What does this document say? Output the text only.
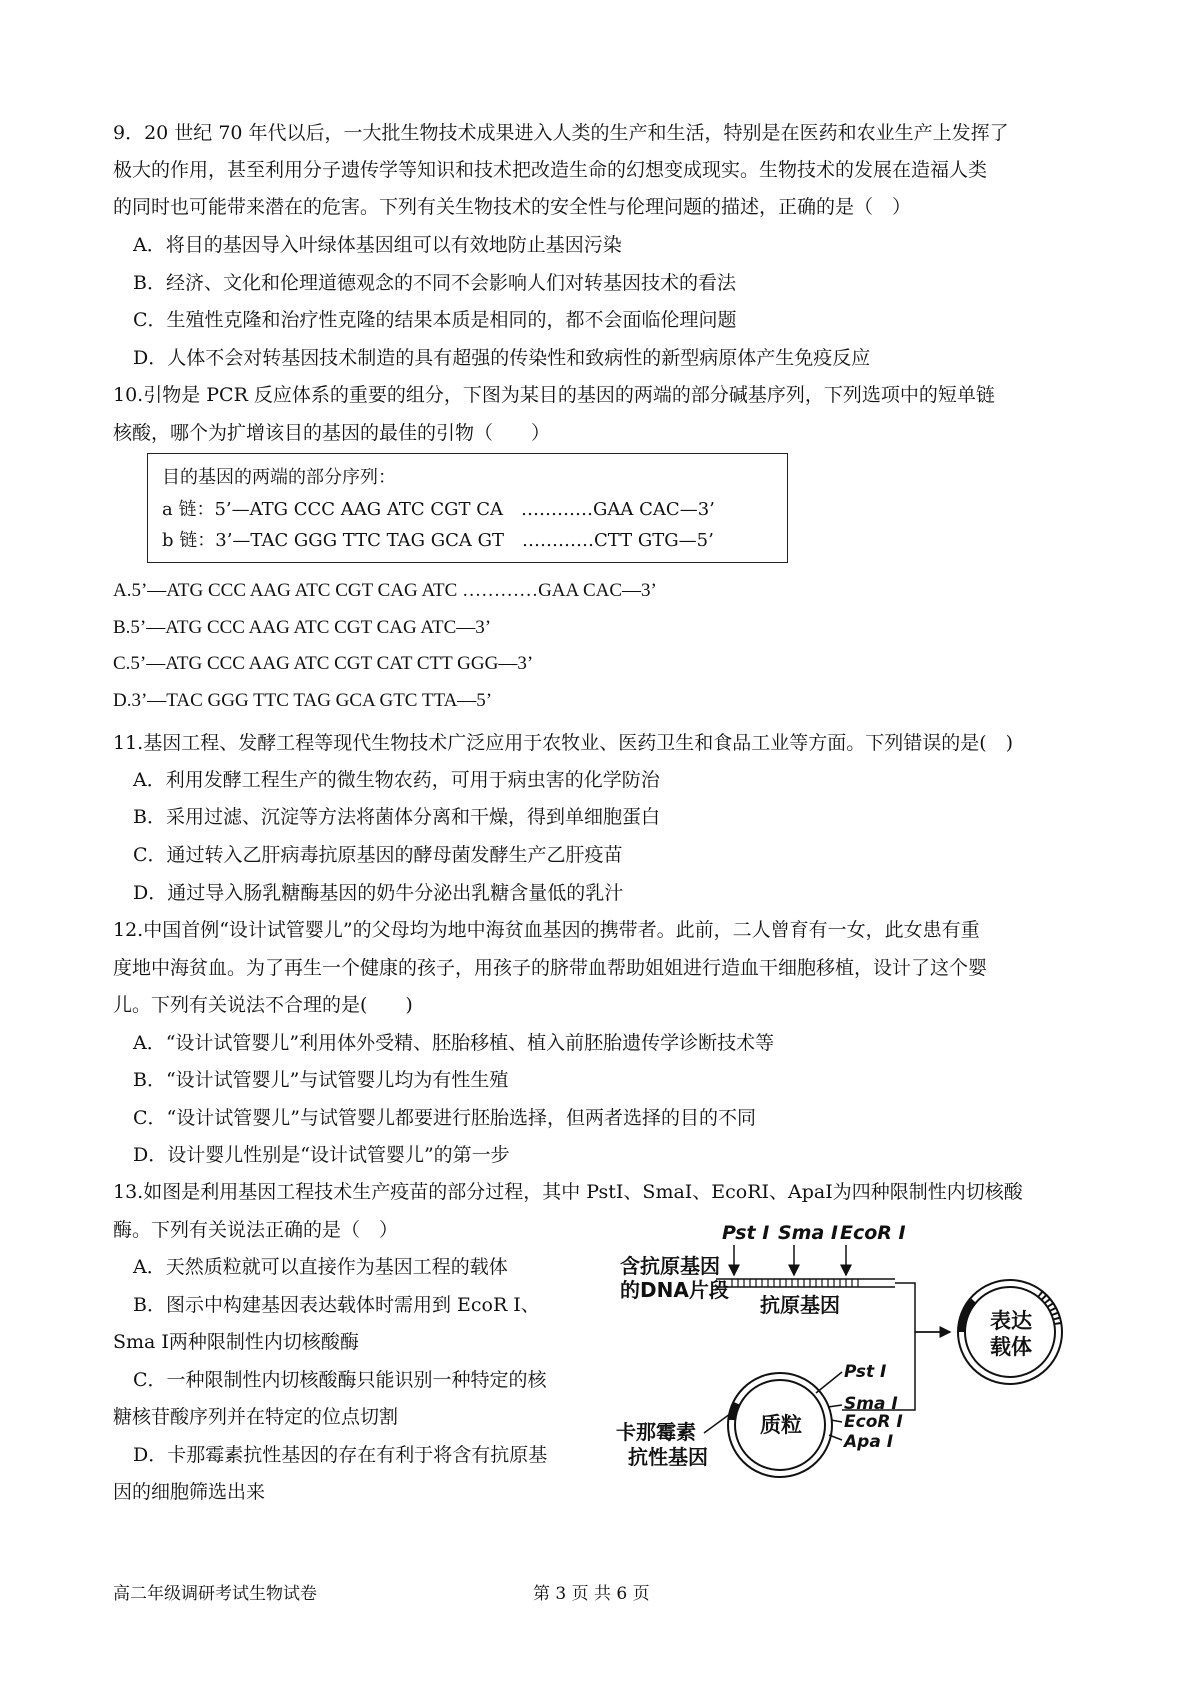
9．20 世纪 70 年代以后，一大批生物技术成果进入人类的生产和生活，特别是在医药和农业生产上发挥了
极大的作用，甚至利用分子遗传学等知识和技术把改造生命的幻想变成现实。生物技术的发展在造福人类
的同时也可能带来潜在的危害。下列有关生物技术的安全性与伦理问题的描述，正确的是（　）
A．将目的基因导入叶绿体基因组可以有效地防止基因污染
B．经济、文化和伦理道德观念的不同不会影响人们对转基因技术的看法
C．生殖性克隆和治疗性克隆的结果本质是相同的，都不会面临伦理问题
D．人体不会对转基因技术制造的具有超强的传染性和致病性的新型病原体产生免疫反应
10.引物是 PCR 反应体系的重要的组分，下图为某目的基因的两端的部分碱基序列，下列选项中的短单链
核酸，哪个为扩增该目的基因的最佳的引物（　　）
目的基因的两端的部分序列：
a 链：5’—ATG CCC AAG ATC CGT CA　…………GAA CAC—3’
b 链：3’—TAC GGG TTC TAG GCA GT　…………CTT GTG—5’
A.5’—ATG CCC AAG ATC CGT CAG ATC …………GAA CAC—3’
B.5’—ATG CCC AAG ATC CGT CAG ATC—3’
C.5’—ATG CCC AAG ATC CGT CAT CTT GGG—3’
D.3’—TAC GGG TTC TAG GCA GTC TTA—5’
11.基因工程、发酵工程等现代生物技术广泛应用于农牧业、医药卫生和食品工业等方面。下列错误的是(　)
A．利用发酵工程生产的微生物农药，可用于病虫害的化学防治
B．采用过滤、沉淀等方法将菌体分离和干燥，得到单细胞蛋白
C．通过转入乙肝病毒抗原基因的酵母菌发酵生产乙肝疫苗
D．通过导入肠乳糖酶基因的奶牛分泌出乳糖含量低的乳汁
12.中国首例“设计试管婴儿”的父母均为地中海贫血基因的携带者。此前，二人曾育有一女，此女患有重
度地中海贫血。为了再生一个健康的孩子，用孩子的脐带血帮助姐姐进行造血干细胞移植，设计了这个婴
儿。下列有关说法不合理的是(　　)
A．“设计试管婴儿”利用体外受精、胚胎移植、植入前胚胎遗传学诊断技术等
B．“设计试管婴儿”与试管婴儿均为有性生殖
C．“设计试管婴儿”与试管婴儿都要进行胚胎选择，但两者选择的目的不同
D．设计婴儿性别是“设计试管婴儿”的第一步
13.如图是利用基因工程技术生产疫苗的部分过程，其中 PstI、SmaI、EcoRI、ApaI为四种限制性内切核酸
酶。下列有关说法正确的是（　）
A．天然质粒就可以直接作为基因工程的载体
B．图示中构建基因表达载体时需用到 EcoR Ⅰ、
Sma Ⅰ两种限制性内切核酸酶
C．一种限制性内切核酸酶只能识别一种特定的核
糖核苷酸序列并在特定的位点切割
D．卡那霉素抗性基因的存在有利于将含有抗原基
因的细胞筛选出来
Pst Ⅰ Sma Ⅰ EcoR Ⅰ
含抗原基因
的DNA片段
抗原基因
表达
载体
质粒
Pst Ⅰ
Sma Ⅰ
EcoR Ⅰ
Apa Ⅰ
卡那霉素
抗性基因
高二年级调研考试生物试卷	第 3 页 共 6 页
